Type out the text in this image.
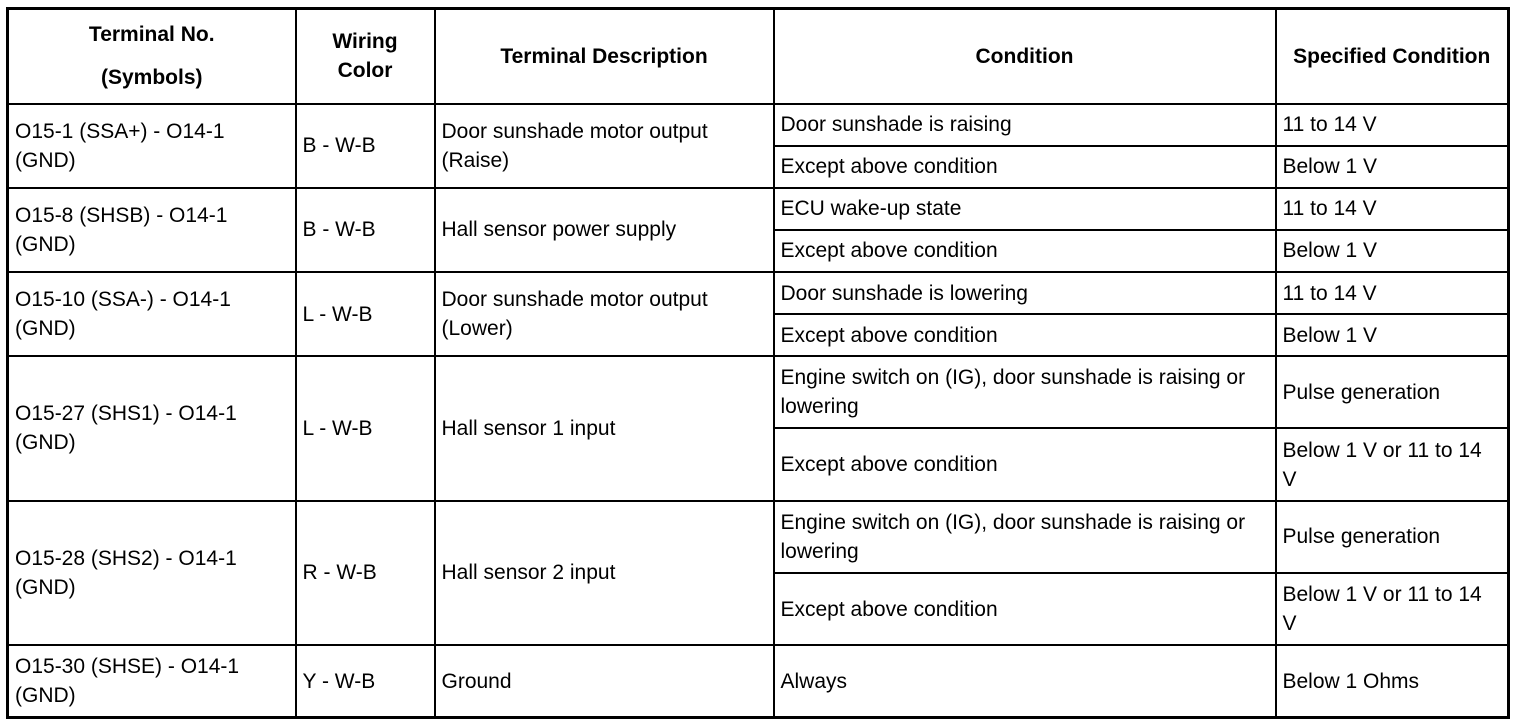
Terminal No.
(Symbols)	Wiring Color	Terminal Description	Condition	Specified Condition
O15-1 (SSA+) - O14-1 (GND)	B - W-B	Door sunshade motor output (Raise)	Door sunshade is raising	11 to 14 V
			Except above condition	Below 1 V
O15-8 (SHSB) - O14-1 (GND)	B - W-B	Hall sensor power supply	ECU wake-up state	11 to 14 V
			Except above condition	Below 1 V
O15-10 (SSA-) - O14-1 (GND)	L - W-B	Door sunshade motor output (Lower)	Door sunshade is lowering	11 to 14 V
			Except above condition	Below 1 V
O15-27 (SHS1) - O14-1 (GND)	L - W-B	Hall sensor 1 input	Engine switch on (IG), door sunshade is raising or lowering	Pulse generation
			Except above condition	Below 1 V or 11 to 14 V
O15-28 (SHS2) - O14-1 (GND)	R - W-B	Hall sensor 2 input	Engine switch on (IG), door sunshade is raising or lowering	Pulse generation
			Except above condition	Below 1 V or 11 to 14 V
O15-30 (SHSE) - O14-1 (GND)	Y - W-B	Ground	Always	Below 1 Ohms
